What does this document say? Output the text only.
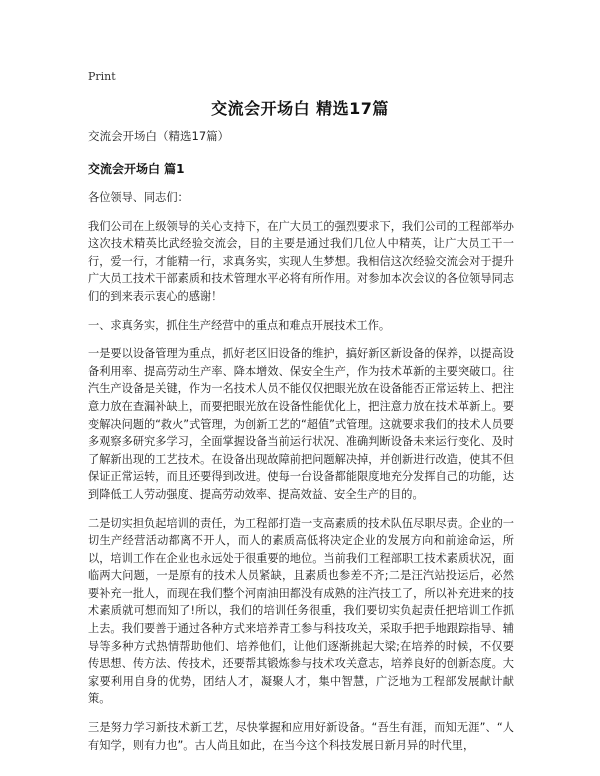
Print
交流会开场白 精选17篇
交流会开场白（精选17篇）
交流会开场白 篇1

各位领导、同志们：

我们公司在上级领导的关心支持下，在广大员工的强烈要求下，我们公司的工程部举办这次技术精英比武经验交流会，目的主要是通过我们几位人中精英，让广大员工干一行，爱一行，才能精一行，求真务实，实现人生梦想。我相信这次经验交流会对于提升广大员工技术干部素质和技术管理水平必将有所作用。对参加本次会议的各位领导同志们的到来表示衷心的感谢！

一、求真务实，抓住生产经营中的重点和难点开展技术工作。

一是要以设备管理为重点，抓好老区旧设备的维护，搞好新区新设备的保养，以提高设备利用率、提高劳动生产率、降本增效、保安全生产，作为技术革新的主要突破口。往汽生产设备是关键，作为一名技术人员不能仅仅把眼光放在设备能否正常运转上、把注意力放在查漏补缺上，而要把眼光放在设备性能优化上，把注意力放在技术革新上。要变解决问题的“救火”式管理，为创新工艺的“超值”式管理。这就要求我们的技术人员要多观察多研究多学习，全面掌握设备当前运行状况、准确判断设备未来运行变化、及时了解新出现的工艺技术。在设备出现故障前把问题解决掉，并创新进行改造，使其不但保证正常运转，而且还要得到改进。使每一台设备都能限度地充分发挥自己的功能，达到降低工人劳动强度、提高劳动效率、提高效益、安全生产的目的。

二是切实担负起培训的责任，为工程部打造一支高素质的技术队伍尽职尽责。企业的一切生产经营活动都离不开人，而人的素质高低将决定企业的发展方向和前途命运，所以，培训工作在企业也永远处于很重要的地位。当前我们工程部职工技术素质状况，面临两大问题，一是原有的技术人员紧缺，且素质也参差不齐;二是汪汽站投运后，必然要补充一批人，而现在我们整个河南油田都没有成熟的注汽技工了，所以补充进来的技术素质就可想而知了!所以，我们的培训任务很重，我们要切实负起责任把培训工作抓上去。我们要善于通过各种方式来培养青工参与科技攻关，采取手把手地跟踪指导、辅导等多种方式热情帮助他们、培养他们，让他们逐渐挑起大梁;在培养的时候，不仅要传思想、传方法、传技术，还要帮其锻炼参与技术攻关意志，培养良好的创新态度。大家要利用自身的优势，团结人才，凝聚人才，集中智慧，广泛地为工程部发展献计献策。

三是努力学习新技术新工艺，尽快掌握和应用好新设备。“吾生有涯，而知无涯”、“人有知学，则有力也”。古人尚且如此，在当今这个科技发展日新月异的时代里，
